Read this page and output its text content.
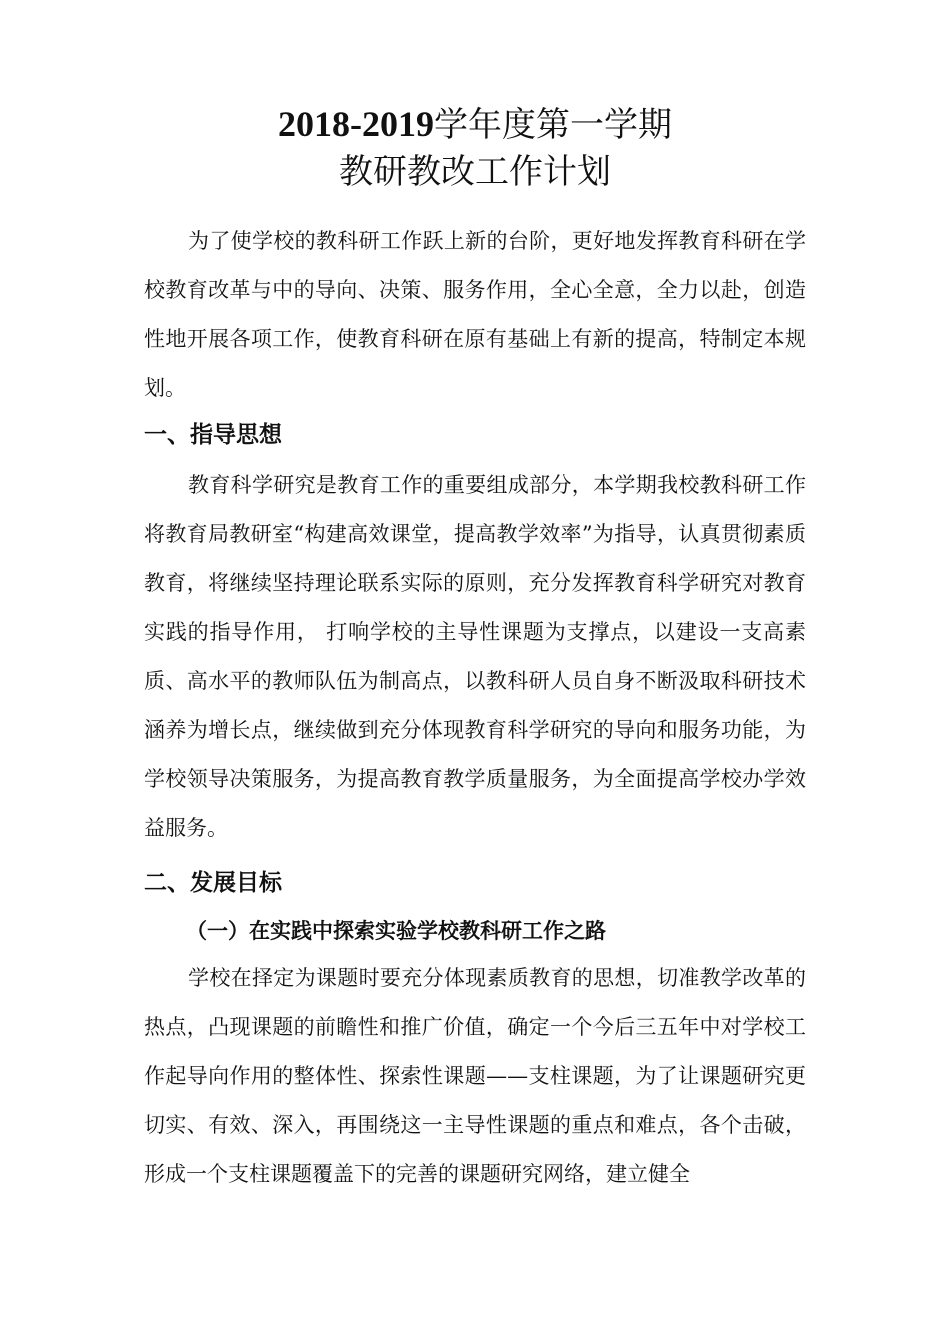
2018-2019学年度第一学期
教研教改工作计划

为了使学校的教科研工作跃上新的台阶，更好地发挥教育科研在学校教育改革与中的导向、决策、服务作用，全心全意，全力以赴，创造性地开展各项工作，使教育科研在原有基础上有新的提高，特制定本规划。

一、指导思想

教育科学研究是教育工作的重要组成部分，本学期我校教科研工作将教育局教研室“构建高效课堂，提高教学效率”为指导，认真贯彻素质教育，将继续坚持理论联系实际的原则，充分发挥教育科学研究对教育实践的指导作用， 打响学校的主导性课题为支撑点，以建设一支高素质、高水平的教师队伍为制高点，以教科研人员自身不断汲取科研技术涵养为增长点，继续做到充分体现教育科学研究的导向和服务功能，为学校领导决策服务，为提高教育教学质量服务，为全面提高学校办学效益服务。

二、发展目标
（一）在实践中探索实验学校教科研工作之路

学校在择定为课题时要充分体现素质教育的思想，切准教学改革的热点，凸现课题的前瞻性和推广价值，确定一个今后三五年中对学校工作起导向作用的整体性、探索性课题——支柱课题，为了让课题研究更切实、有效、深入，再围绕这一主导性课题的重点和难点，各个击破，形成一个支柱课题覆盖下的完善的课题研究网络，建立健全
